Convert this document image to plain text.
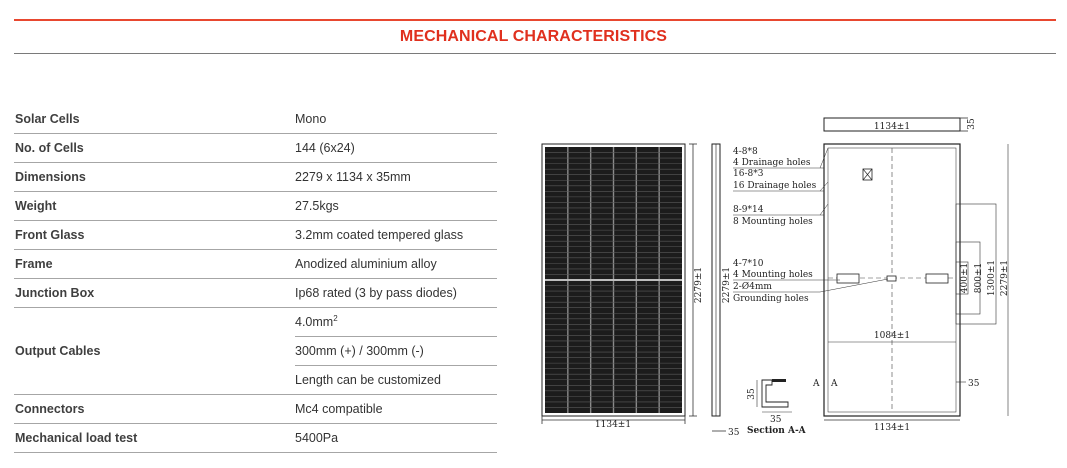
MECHANICAL CHARACTERISTICS
Solar Cells	Mono
No. of Cells	144 (6x24)
Dimensions	2279 x 1134 x 35mm
Weight	27.5kgs
Front Glass	3.2mm coated tempered glass
Frame	Anodized aluminium alloy
Junction Box	Ip68 rated (3 by pass diodes)
Output Cables	$4.0mm^2$
	300mm (+) / 300mm (-)
	Length can be customized
Connectors	Mc4 compatible
Mechanical load test	5400Pa
1134±1
2279±1 2279±1
35
1134±1	35
1084±1
1134±1
35
A A
400±1 800±1 1300±1 2279±1
4-8*8
4 Drainage holes
16-8*3
16 Drainage holes
8-9*14
8 Mounting holes
4-7*10
4 Mounting holes
2-Ø4mm
Grounding holes
35
35
Section A-A
